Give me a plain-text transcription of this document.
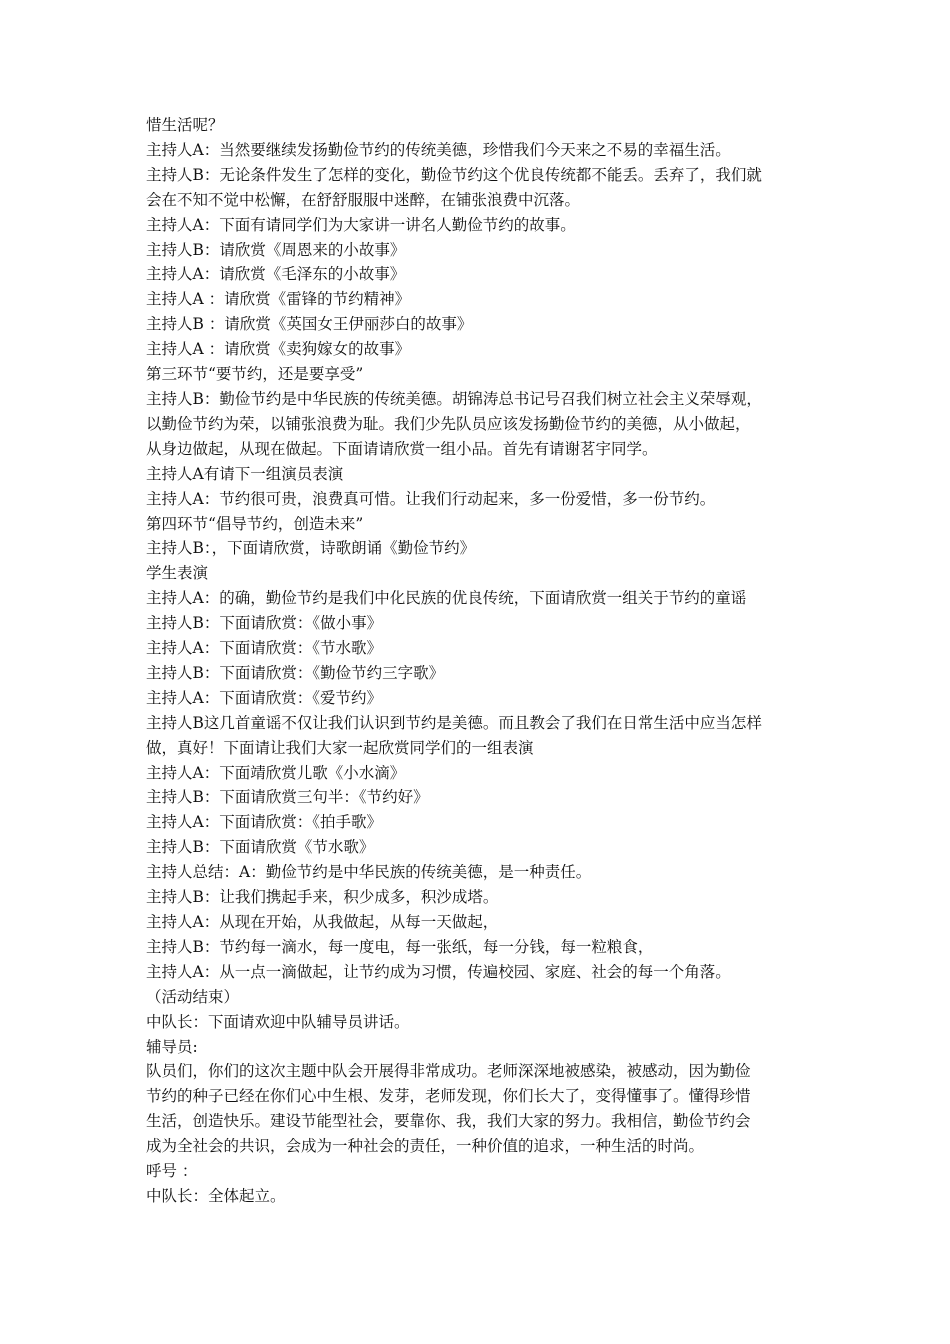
惜生活呢？
主持人A：当然要继续发扬勤俭节约的传统美德，珍惜我们今天来之不易的幸福生活。
主持人B：无论条件发生了怎样的变化，勤俭节约这个优良传统都不能丢。丢弃了，我们就
会在不知不觉中松懈，在舒舒服服中迷醉，在铺张浪费中沉落。
主持人A：下面有请同学们为大家讲一讲名人勤俭节约的故事。
主持人B：请欣赏《周恩来的小故事》
主持人A：请欣赏《毛泽东的小故事》
主持人A ：请欣赏《雷锋的节约精神》
主持人B ：请欣赏《英国女王伊丽莎白的故事》
主持人A ：请欣赏《卖狗嫁女的故事》
第三环节“要节约，还是要享受”
主持人B：勤俭节约是中华民族的传统美德。胡锦涛总书记号召我们树立社会主义荣辱观，
以勤俭节约为荣，以铺张浪费为耻。我们少先队员应该发扬勤俭节约的美德，从小做起，
从身边做起，从现在做起。下面请请欣赏一组小品。首先有请谢茗宇同学。
主持人A有请下一组演员表演
主持人A：节约很可贵，浪费真可惜。让我们行动起来，多一份爱惜，多一份节约。
第四环节“倡导节约，创造未来”
主持人B：，下面请欣赏，诗歌朗诵《勤俭节约》
学生表演
主持人A：的确，勤俭节约是我们中化民族的优良传统，下面请欣赏一组关于节约的童谣
主持人B：下面请欣赏：《做小事》
主持人A：下面请欣赏：《节水歌》
主持人B：下面请欣赏：《勤俭节约三字歌》
主持人A：下面请欣赏：《爱节约》
主持人B这几首童谣不仅让我们认识到节约是美德。而且教会了我们在日常生活中应当怎样
做，真好！下面请让我们大家一起欣赏同学们的一组表演
主持人A：下面靖欣赏儿歌《小水滴》
主持人B：下面请欣赏三句半：《节约好》
主持人A：下面请欣赏：《拍手歌》
主持人B：下面请欣赏《节水歌》
主持人总结：A：勤俭节约是中华民族的传统美德，是一种责任。
主持人B：让我们携起手来，积少成多，积沙成塔。
主持人A：从现在开始，从我做起，从每一天做起，
主持人B：节约每一滴水，每一度电，每一张纸，每一分钱，每一粒粮食，
主持人A：从一点一滴做起，让节约成为习惯，传遍校园、家庭、社会的每一个角落。
（活动结束）
中队长：下面请欢迎中队辅导员讲话。
辅导员:
队员们，你们的这次主题中队会开展得非常成功。老师深深地被感染，被感动，因为勤俭
节约的种子已经在你们心中生根、发芽，老师发现，你们长大了，变得懂事了。懂得珍惜
生活，创造快乐。建设节能型社会，要靠你、我，我们大家的努力。我相信，勤俭节约会
成为全社会的共识，会成为一种社会的责任，一种价值的追求，一种生活的时尚。
呼号 ：
中队长：全体起立。
